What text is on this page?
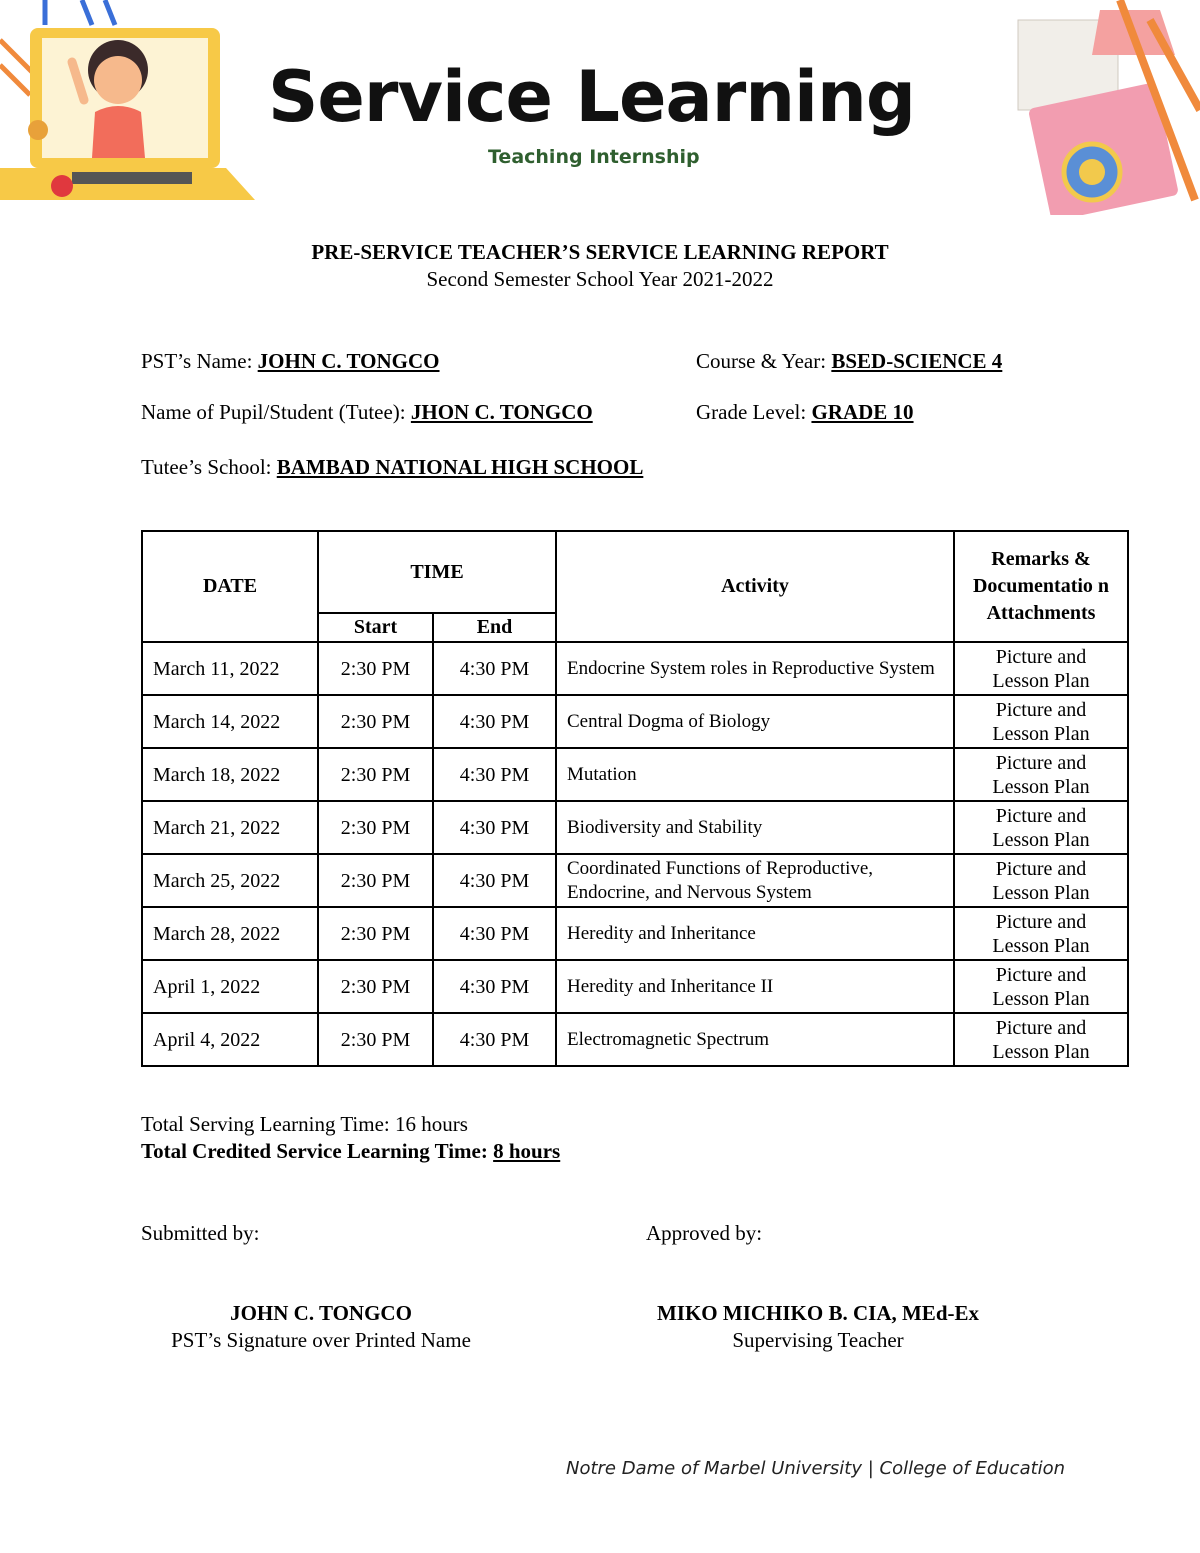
Service Learning
Teaching Internship
PRE-SERVICE TEACHER’S SERVICE LEARNING REPORT
Second Semester School Year 2021-2022
PST’s Name: JOHN C. TONGCO	Course & Year: BSED-SCIENCE 4
Name of Pupil/Student (Tutee): JHON C. TONGCO	Grade Level: GRADE 10
Tutee’s School: BAMBAD NATIONAL HIGH SCHOOL
DATE	TIME		Activity	Remarks & Documentatio n Attachments
	Start	End		
March 11, 2022	2:30 PM	4:30 PM	Endocrine System roles in Reproductive System	Picture and Lesson Plan
March 14, 2022	2:30 PM	4:30 PM	Central Dogma of Biology	Picture and Lesson Plan
March 18, 2022	2:30 PM	4:30 PM	Mutation	Picture and Lesson Plan
March 21, 2022	2:30 PM	4:30 PM	Biodiversity and Stability	Picture and Lesson Plan
March 25, 2022	2:30 PM	4:30 PM	Coordinated Functions of Reproductive, Endocrine, and Nervous System	Picture and Lesson Plan
March 28, 2022	2:30 PM	4:30 PM	Heredity and Inheritance	Picture and Lesson Plan
April 1, 2022	2:30 PM	4:30 PM	Heredity and Inheritance II	Picture and Lesson Plan
April 4, 2022	2:30 PM	4:30 PM	Electromagnetic Spectrum	Picture and Lesson Plan
Total Serving Learning Time: 16 hours
Total Credited Service Learning Time: 8 hours
Submitted by:	Approved by:
JOHN C. TONGCO
PST’s Signature over Printed Name
MIKO MICHIKO B. CIA, MEd-Ex
Supervising Teacher
Notre Dame of Marbel University | College of Education
